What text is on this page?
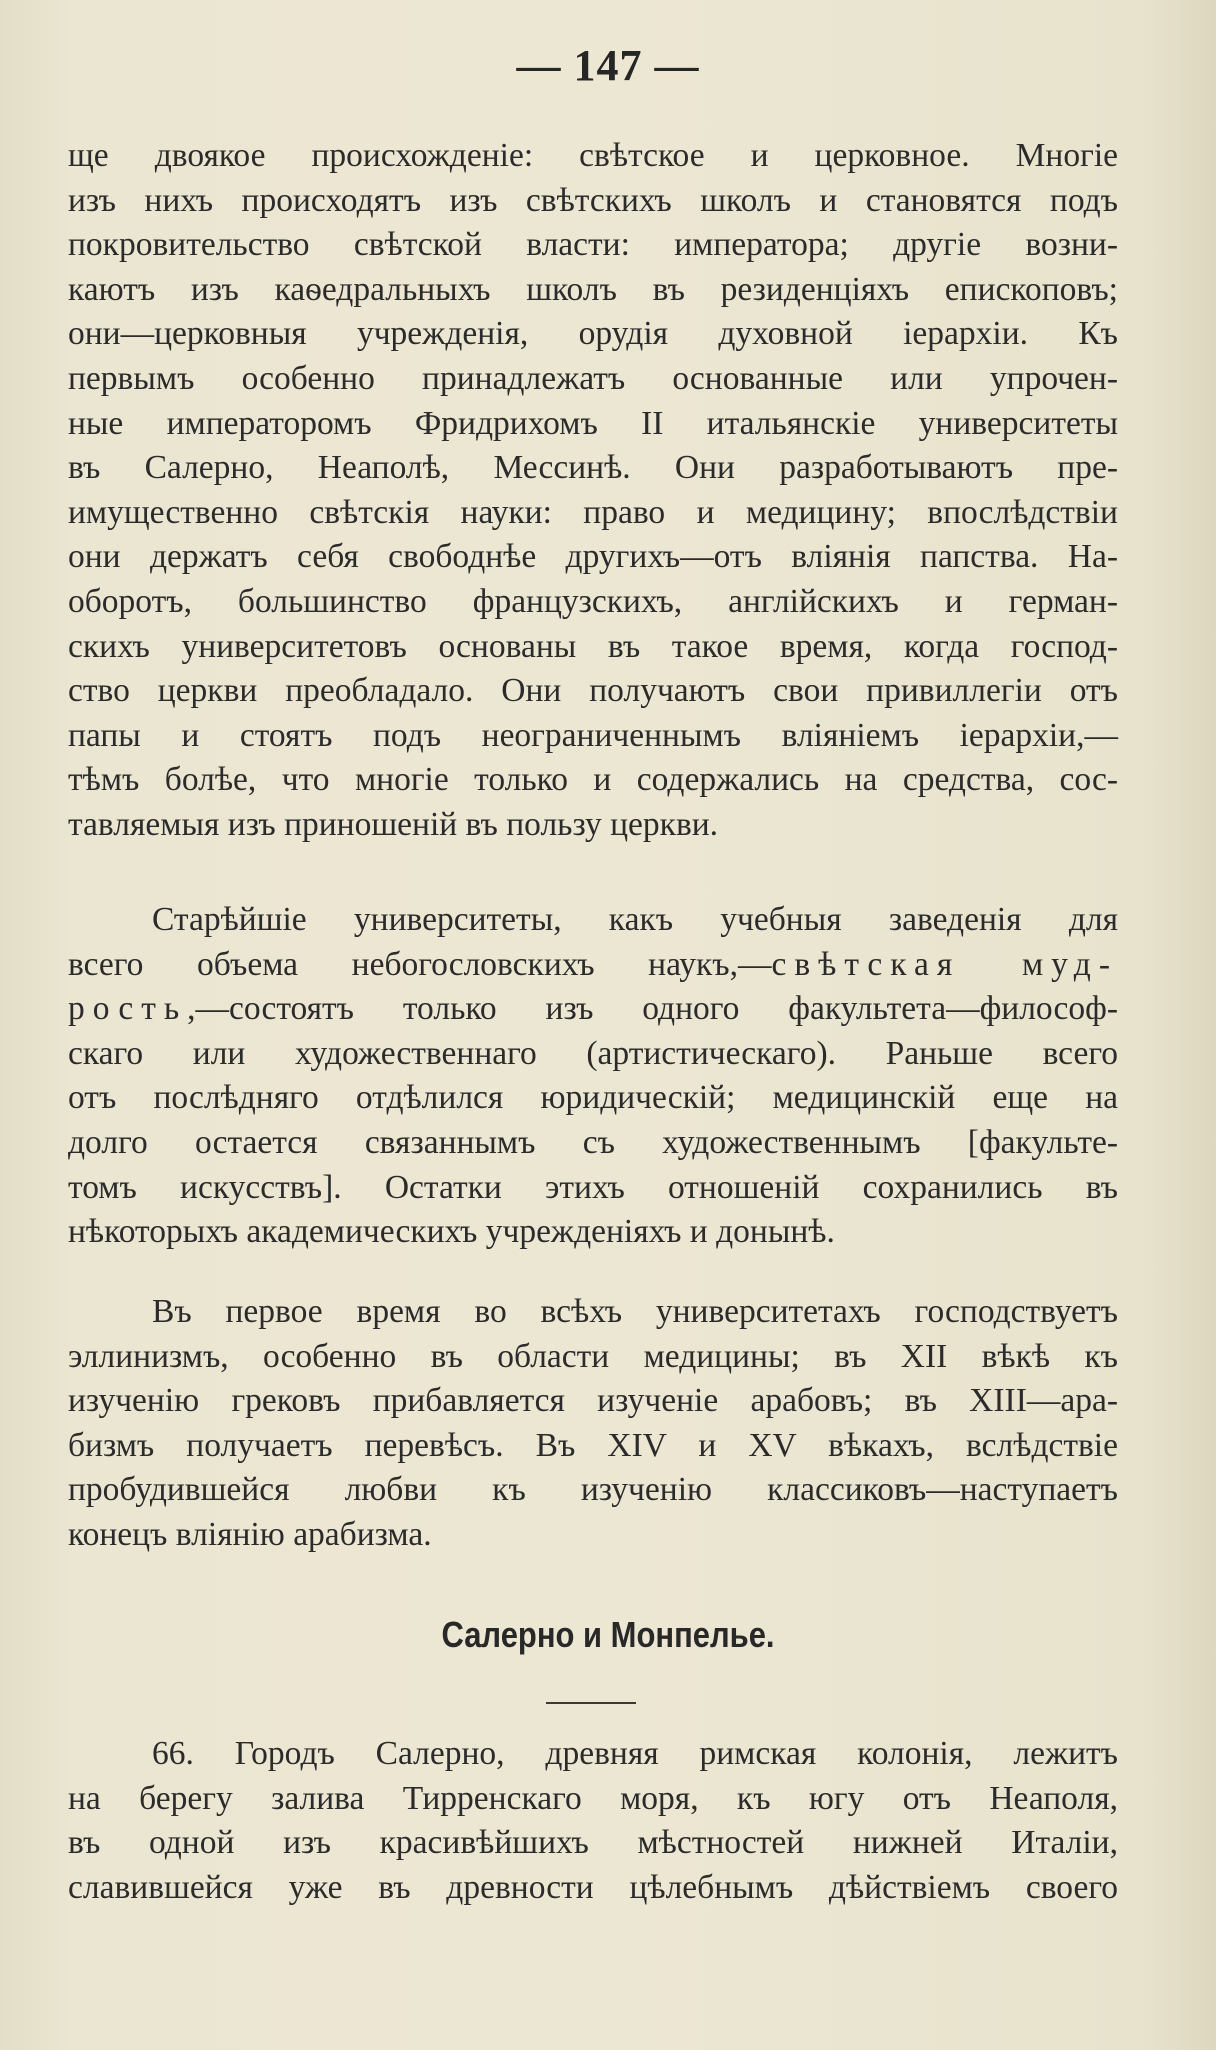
— 147 —
ще двоякое происхожденіе: свѣтское и церковное. Многіе
изъ нихъ происходятъ изъ свѣтскихъ школъ и становятся подъ
покровительство свѣтской власти: императора; другіе возни-
каютъ изъ каѳедральныхъ школъ въ резиденціяхъ епископовъ;
они—церковныя учрежденія, орудія духовной іерархіи. Къ
первымъ особенно принадлежатъ основанные или упрочен-
ные императоромъ Фридрихомъ II итальянскіе университеты
въ Салерно, Неаполѣ, Мессинѣ. Они разработываютъ пре-
имущественно свѣтскія науки: право и медицину; впослѣдствіи
они держатъ себя свободнѣе другихъ—отъ вліянія папства. На-
оборотъ, большинство французскихъ, англійскихъ и герман-
скихъ университетовъ основаны въ такое время, когда господ-
ство церкви преобладало. Они получаютъ свои привиллегіи отъ
папы и стоятъ подъ неограниченнымъ вліяніемъ іерархіи,—
тѣмъ болѣе, что многіе только и содержались на средства, сос-
тавляемыя изъ приношеній въ пользу церкви.
Старѣйшіе университеты, какъ учебныя заведенія для
всего объема небогословскихъ наукъ,—свѣтская муд-
рость,—состоятъ только изъ одного факультета—философ-
скаго или художественнаго (артистическаго). Раньше всего
отъ послѣдняго отдѣлился юридическій; медицинскій еще на
долго остается связаннымъ съ художественнымъ [факульте-
томъ искусствъ]. Остатки этихъ отношеній сохранились въ
нѣкоторыхъ академическихъ учрежденіяхъ и донынѣ.
Въ первое время во всѣхъ университетахъ господствуетъ
эллинизмъ, особенно въ области медицины; въ XII вѣкѣ къ
изученію грековъ прибавляется изученіе арабовъ; въ XIII—ара-
бизмъ получаетъ перевѣсъ. Въ XIV и XV вѣкахъ, вслѣдствіе
пробудившейся любви къ изученію классиковъ—наступаетъ
конецъ вліянію арабизма.
Салерно и Монпелье.
66. Городъ Салерно, древняя римская колонія, лежитъ
на берегу залива Тирренскаго моря, къ югу отъ Неаполя,
въ одной изъ красивѣйшихъ мѣстностей нижней Италіи,
славившейся уже въ древности цѣлебнымъ дѣйствіемъ своего
